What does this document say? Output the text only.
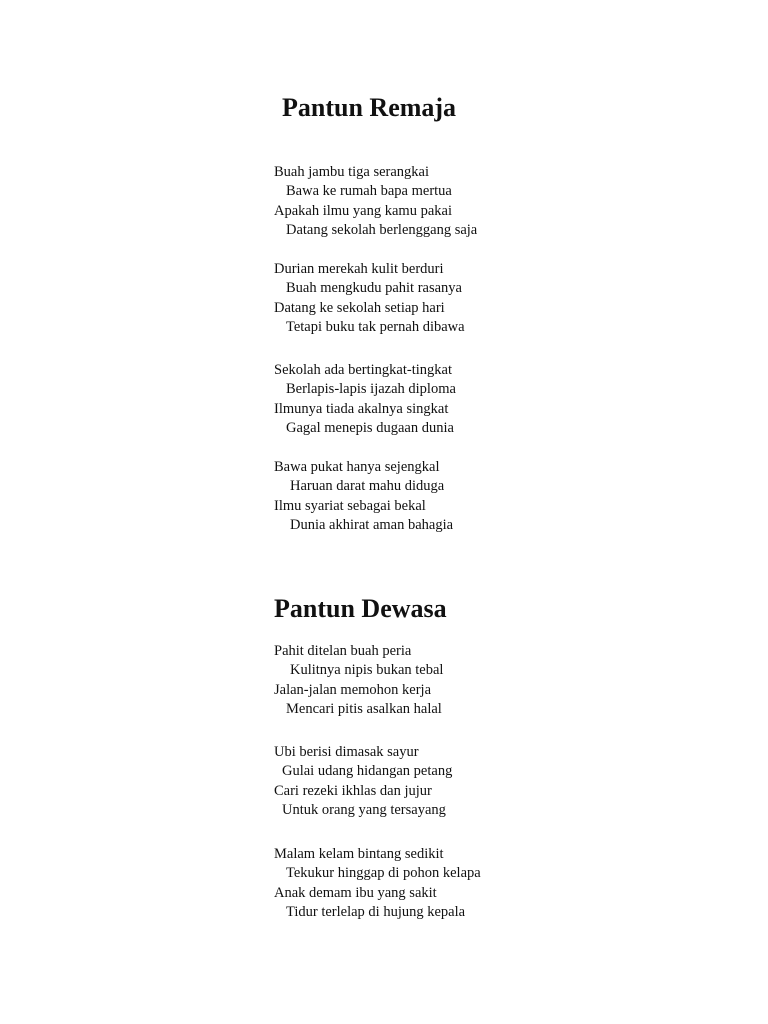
Pantun Remaja
Buah jambu tiga serangkai
Bawa ke rumah bapa mertua
Apakah ilmu yang kamu pakai
Datang sekolah berlenggang saja
Durian merekah kulit berduri
Buah mengkudu pahit rasanya
Datang ke sekolah setiap hari
Tetapi buku tak pernah dibawa
Sekolah ada bertingkat-tingkat
Berlapis-lapis ijazah diploma
Ilmunya tiada akalnya singkat
Gagal menepis dugaan dunia
Bawa pukat hanya sejengkal
Haruan darat mahu diduga
Ilmu syariat sebagai bekal
Dunia akhirat aman bahagia
Pantun Dewasa
Pahit ditelan buah peria
Kulitnya nipis bukan tebal
Jalan-jalan memohon kerja
Mencari pitis asalkan halal
Ubi berisi dimasak sayur
Gulai udang hidangan petang
Cari rezeki ikhlas dan jujur
Untuk orang yang tersayang
Malam kelam bintang sedikit
Tekukur hinggap di pohon kelapa
Anak demam ibu yang sakit
Tidur terlelap di hujung kepala
